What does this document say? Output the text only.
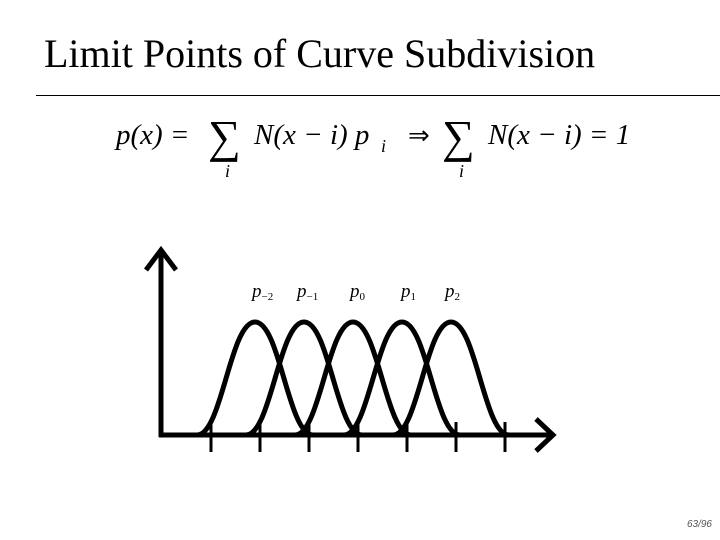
Limit Points of Curve Subdivision
p(x) = ∑
i
N(x − i) p i ⇒ ∑
i
N(x − i) = 1
p−2 p−1 p0 p1 p2
63/96
